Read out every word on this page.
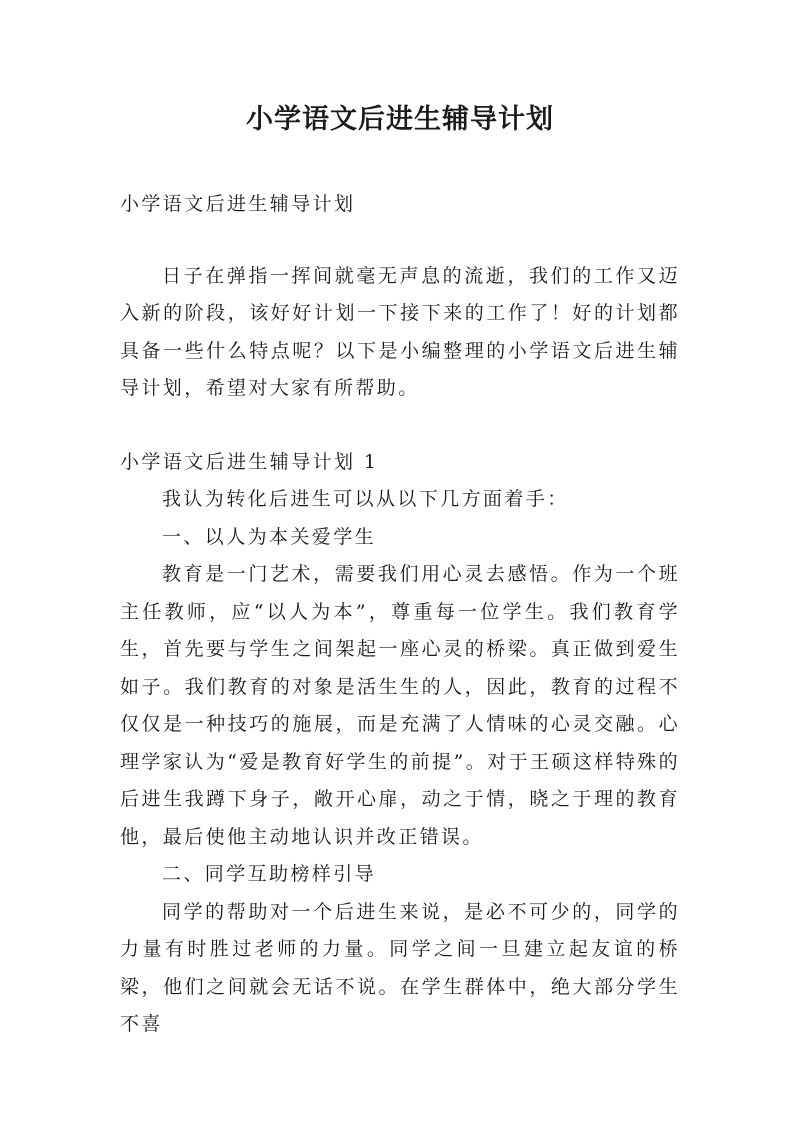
小学语文后进生辅导计划

小学语文后进生辅导计划

日子在弹指一挥间就毫无声息的流逝，我们的工作又迈入新的阶段，该好好计划一下接下来的工作了！好的计划都具备一些什么特点呢？以下是小编整理的小学语文后进生辅导计划，希望对大家有所帮助。

小学语文后进生辅导计划 1

我认为转化后进生可以从以下几方面着手：

一、以人为本关爱学生

教育是一门艺术，需要我们用心灵去感悟。作为一个班主任教师，应“以人为本”，尊重每一位学生。我们教育学生，首先要与学生之间架起一座心灵的桥梁。真正做到爱生如子。我们教育的对象是活生生的人，因此，教育的过程不仅仅是一种技巧的施展，而是充满了人情味的心灵交融。心理学家认为“爱是教育好学生的前提”。对于王硕这样特殊的后进生我蹲下身子，敞开心扉，动之于情，晓之于理的教育他，最后使他主动地认识并改正错误。

二、同学互助榜样引导

同学的帮助对一个后进生来说，是必不可少的，同学的力量有时胜过老师的力量。同学之间一旦建立起友谊的桥梁，他们之间就会无话不说。在学生群体中，绝大部分学生不喜
